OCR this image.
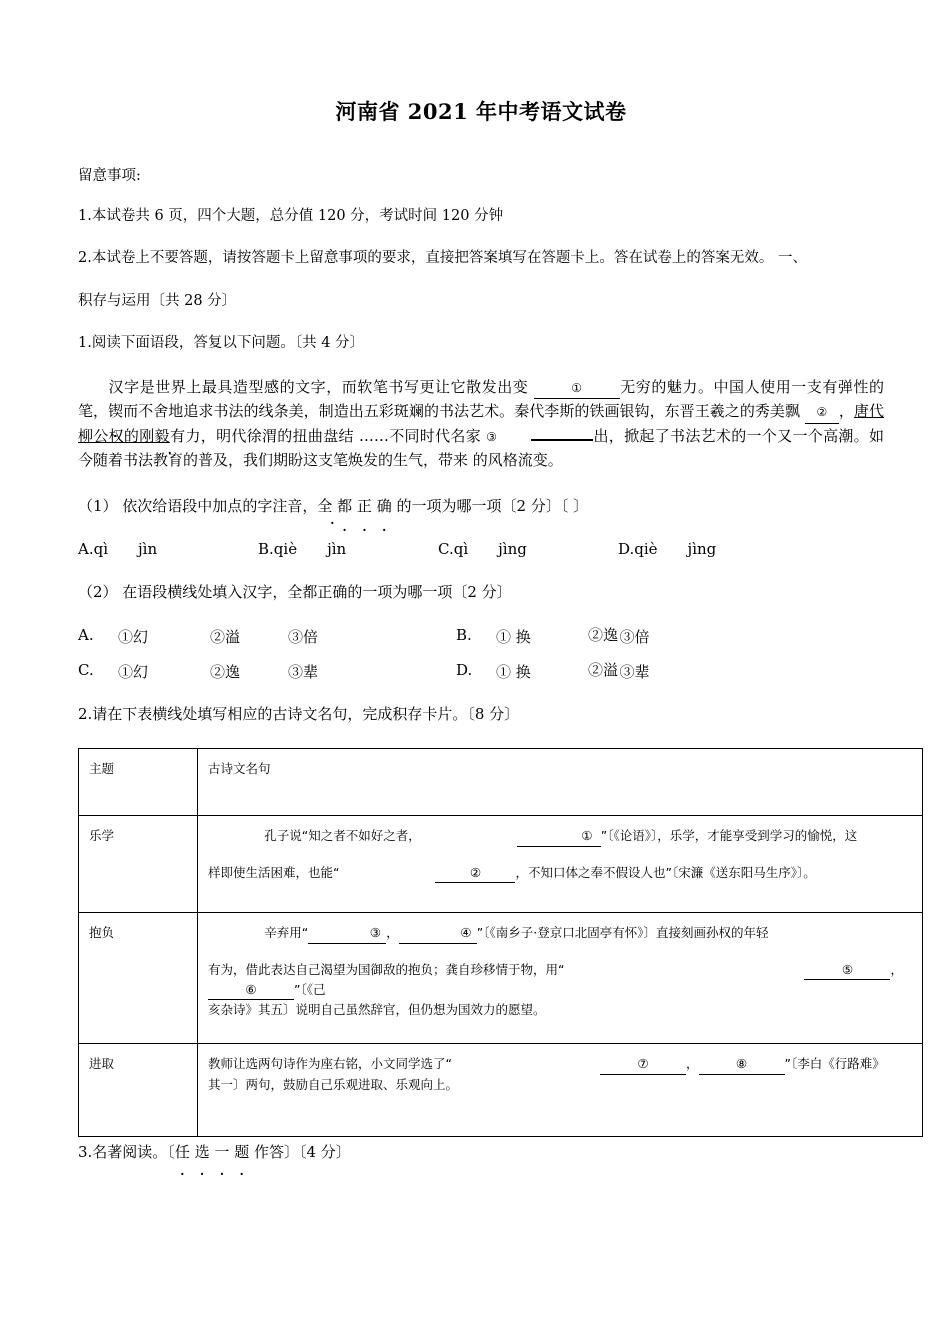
河南省 2021 年中考语文试卷

留意事项:

1.本试卷共 6 页，四个大题，总分值 120 分，考试时间 120 分钟

2.本试卷上不要答题，请按答题卡上留意事项的要求，直接把答案填写在答题卡上。答在试卷上的答案无效。 一、

积存与运用〔共 28 分〕

1.阅读下面语段，答复以下问题。〔共 4 分〕

汉字是世界上最具造型感的文字，而软笔书写更让它散发出变	①	无穷的魅力。中国人使用一支有弹性的笔，锲而不舍地追求书法的线条美，制造出五彩斑斓的书法艺术。秦代李斯的铁画银钩，东晋王羲之的秀美飘 ② ，唐代柳公权的刚毅有力，明代徐渭的扭曲盘结 ……不同时代名家 ③	出，掀起了书法艺术的一个又一个高潮。如今随着书法教育的普及，我们期盼这支笔焕发的生气，带来 的风格流变。

（1） 依次给语段中加点的字注音，全 都 正 确 的一项为哪一项〔2 分〕〔 〕

A.qì jìn	B.qiè jìn	C.qì jìng	D.qiè jìng

（2） 在语段横线处填入汉字，全都正确的一项为哪一项〔2 分〕

A.	①幻	②溢	③倍	B.	① 换	②逸 ③倍
C.	①幻	②逸	③辈	D.	① 换	②溢 ③辈

2.请在下表横线处填写相应的古诗文名句，完成积存卡片。〔8 分〕

主题	古诗文名句
乐学	孔子说“知之者不如好之者， ① ”〔《论语》〕，乐学，才能享受到学习的愉悦，这

样即使生活困难，也能“ ② ，不知口体之奉不假设人也”〔宋濂《送东阳马生序》〕。

抱负	辛弃用“ ③ ， ④ ”〔《南乡子·登京口北固亭有怀》〕直接刻画孙权的年轻

有为，借此表达自己渴望为国御敌的抱负；龚自珍移情于物，用“ ⑤ ，⑥ ”〔《己

亥杂诗》其五〕说明自己虽然辞官，但仍想为国效力的愿望。

进取	教师让选两句诗作为座右铭，小文同学选了“ ⑦ ， ⑧ ”〔李白《行路难》

其一〕两句，鼓励自己乐观进取、乐观向上。

3.名著阅读。〔任 选 一 题 作答〕〔4 分〕
